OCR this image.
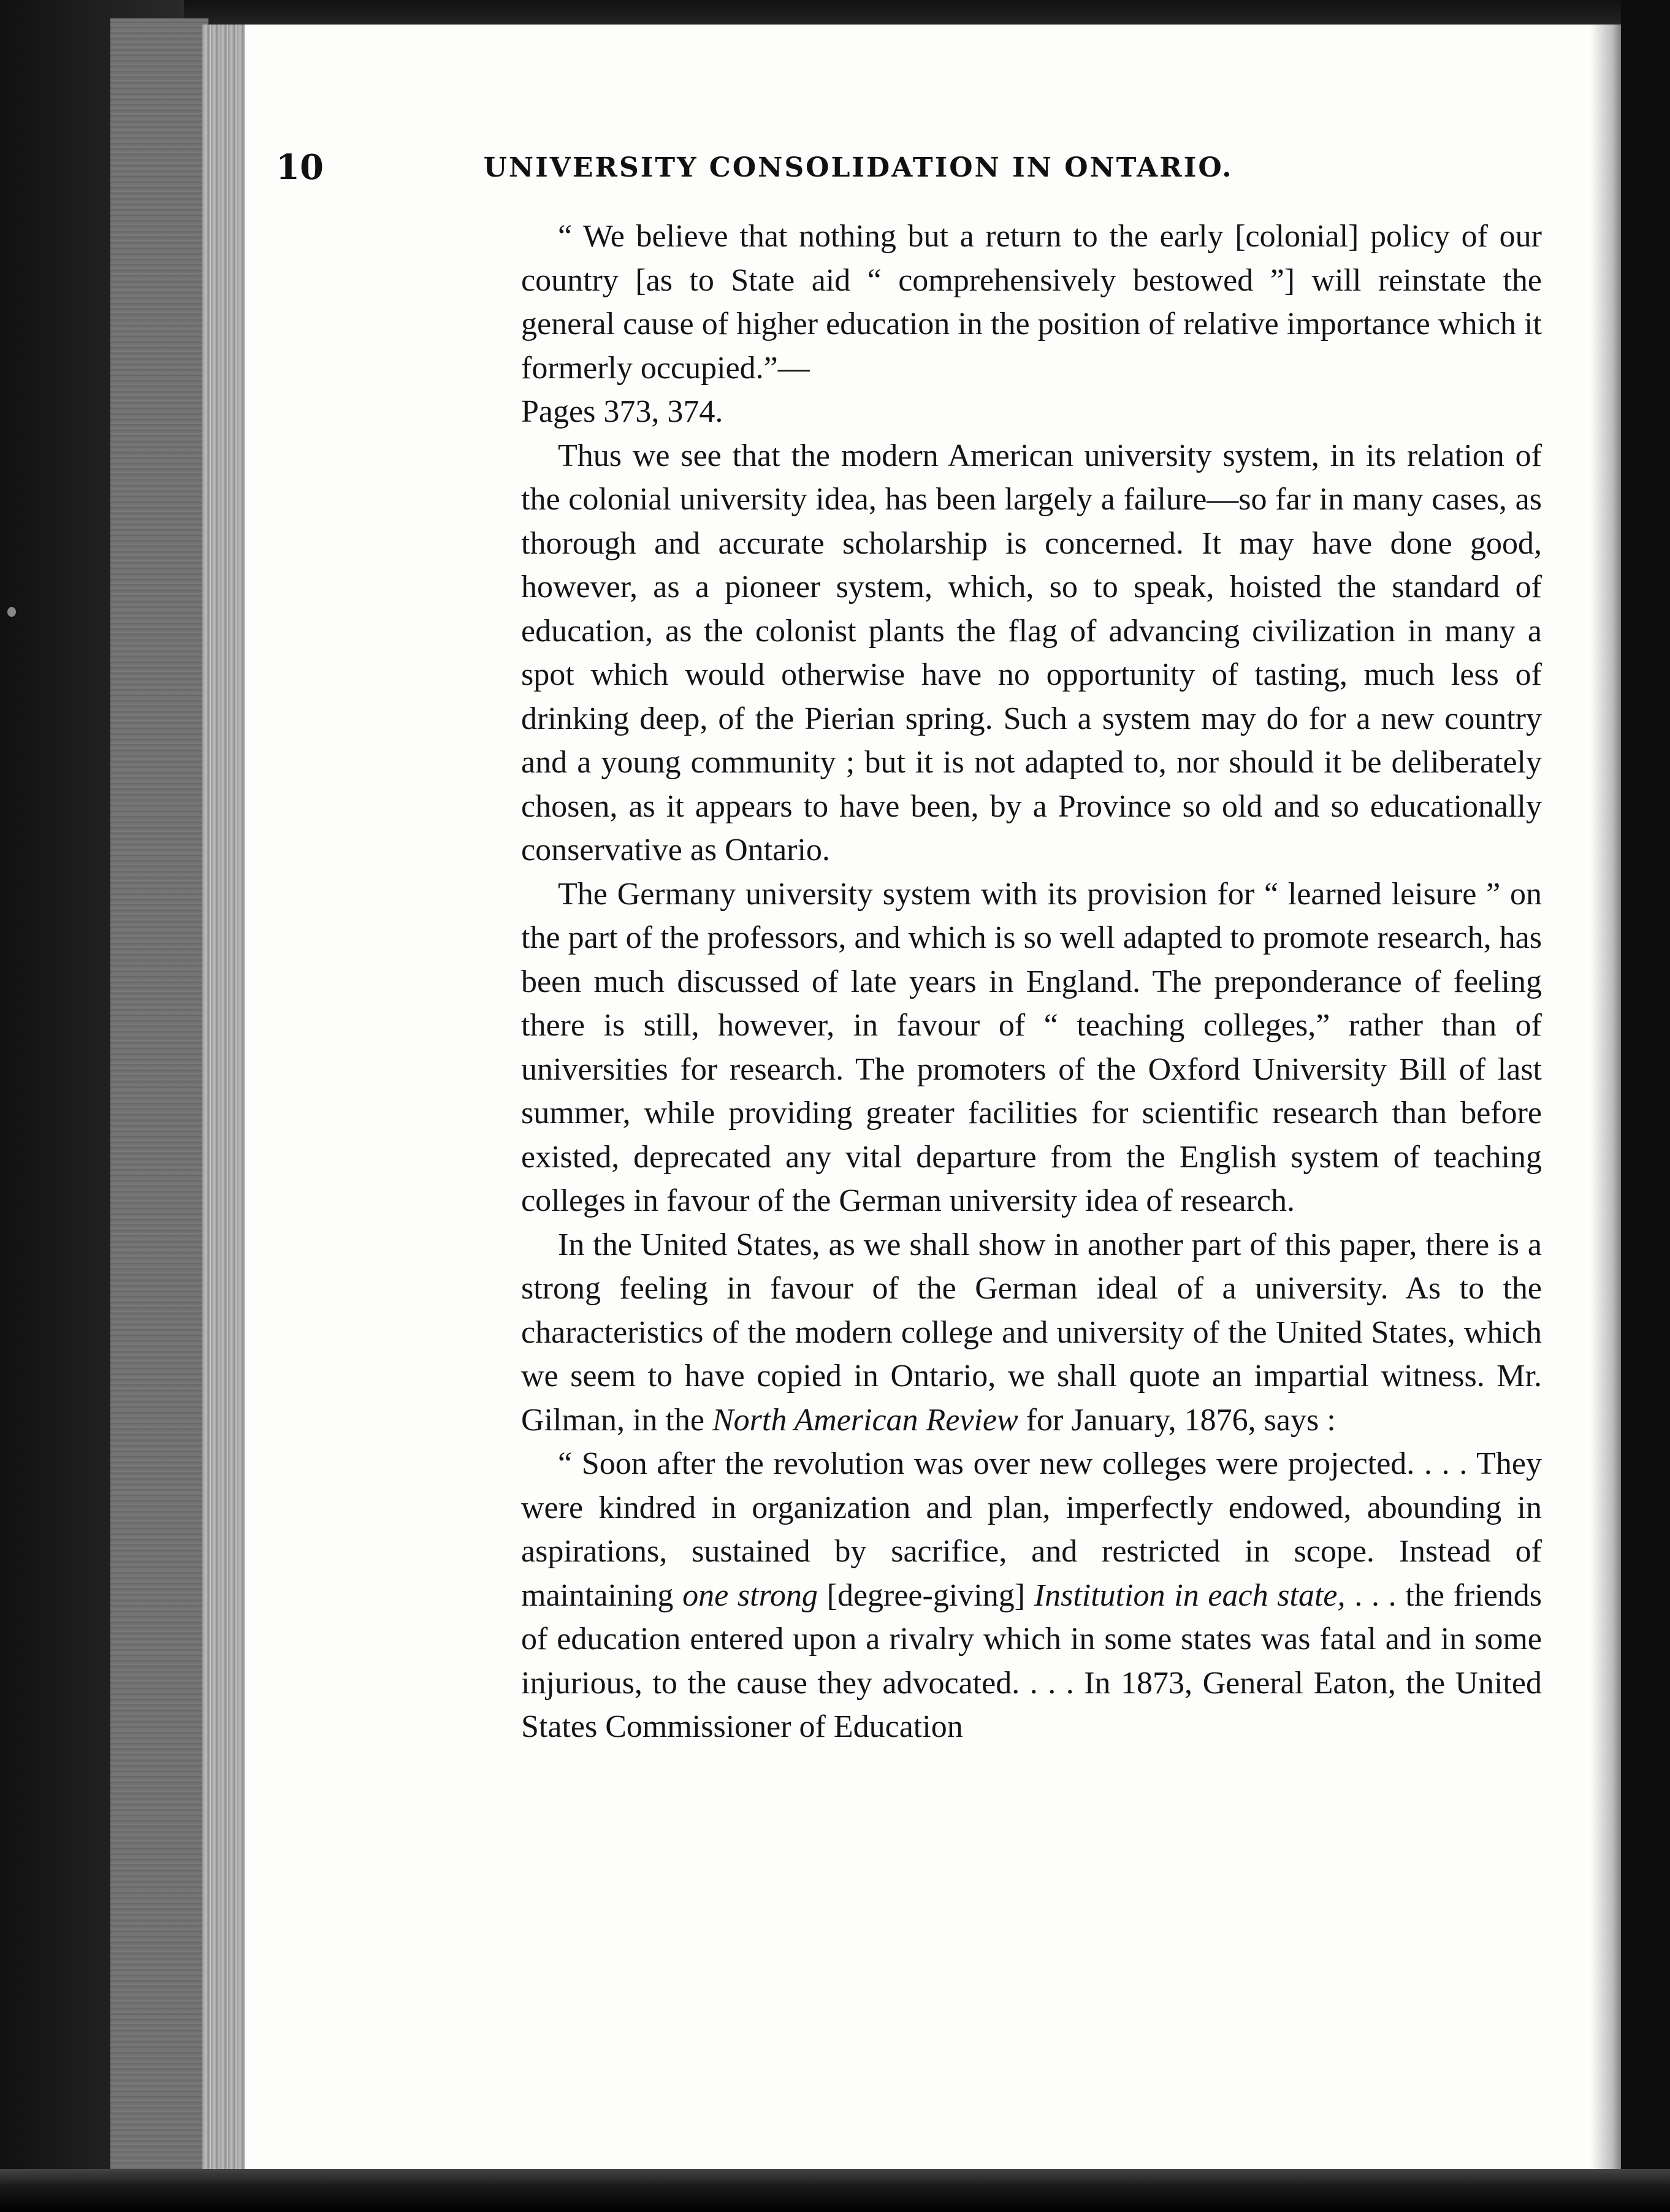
10	UNIVERSITY CONSOLIDATION IN ONTARIO.

“ We believe that nothing but a return to the early [colonial] policy of our country [as to State aid “ comprehensively bestowed ”] will reinstate the general cause of higher education in the position of relative importance which it formerly occupied.”—

Pages 373, 374.

Thus we see that the modern American university system, in its relation of the colonial university idea, has been largely a failure—so far in many cases, as thorough and accurate scholarship is concerned. It may have done good, however, as a pioneer system, which, so to speak, hoisted the standard of education, as the colonist plants the flag of advancing civilization in many a spot which would otherwise have no opportunity of tasting, much less of drinking deep, of the Pierian spring. Such a system may do for a new country and a young community ; but it is not adapted to, nor should it be deliberately chosen, as it appears to have been, by a Province so old and so educationally conservative as Ontario.

The Germany university system with its provision for “ learned leisure ” on the part of the professors, and which is so well adapted to promote research, has been much discussed of late years in England. The preponderance of feeling there is still, however, in favour of “ teaching colleges,” rather than of universities for research. The promoters of the Oxford University Bill of last summer, while providing greater facilities for scientific research than before existed, deprecated any vital departure from the English system of teaching colleges in favour of the German university idea of research.

In the United States, as we shall show in another part of this paper, there is a strong feeling in favour of the German ideal of a university. As to the characteristics of the modern college and university of the United States, which we seem to have copied in Ontario, we shall quote an impartial witness. Mr. Gilman, in the North American Review for January, 1876, says :

“ Soon after the revolution was over new colleges were projected. . . . They were kindred in organization and plan, imperfectly endowed, abounding in aspirations, sustained by sacrifice, and restricted in scope. Instead of maintaining one strong [degree-giving] Institution in each state, . . . the friends of education entered upon a rivalry which in some states was fatal and in some injurious, to the cause they advocated. . . . In 1873, General Eaton, the United States Commissioner of Education
